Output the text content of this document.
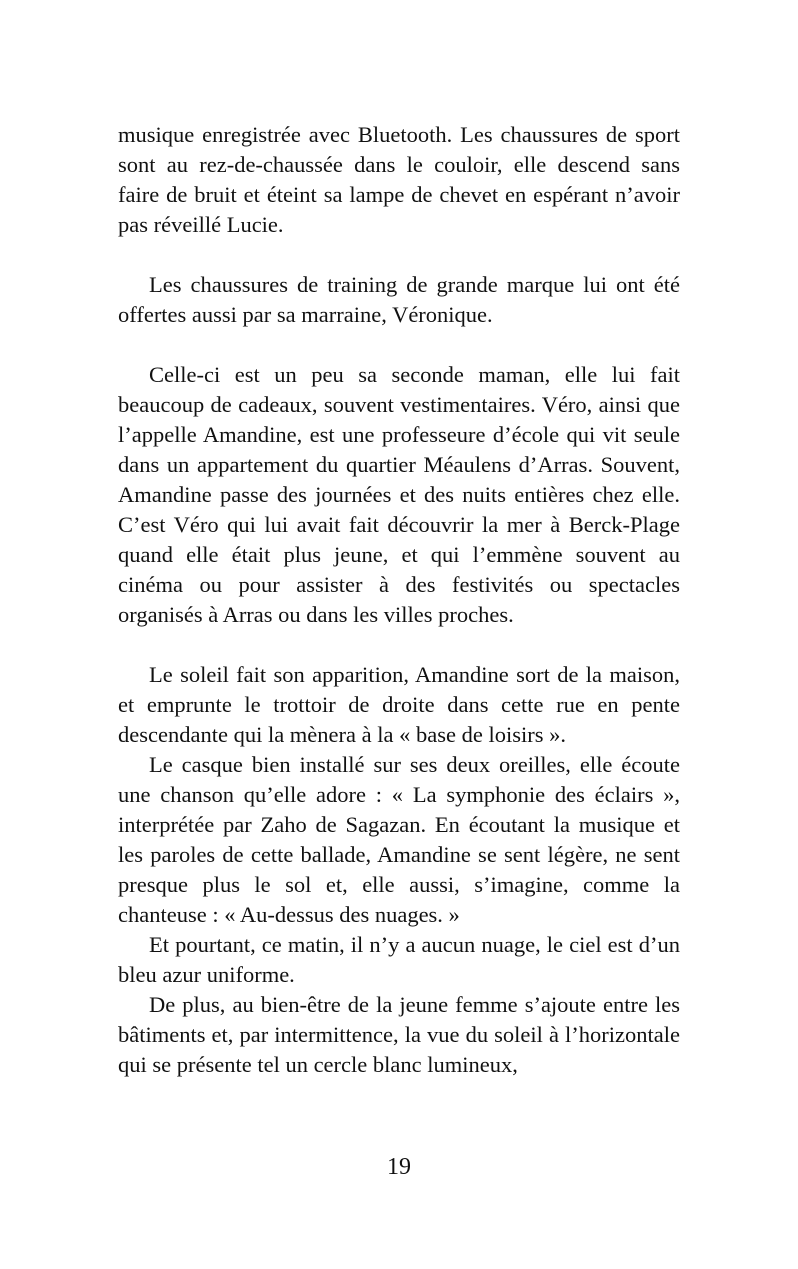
musique enregistrée avec Bluetooth. Les chaussures de sport sont au rez-de-chaussée dans le couloir, elle descend sans faire de bruit et éteint sa lampe de chevet en espérant n’avoir pas réveillé Lucie.

Les chaussures de training de grande marque lui ont été offertes aussi par sa marraine, Véronique.

Celle-ci est un peu sa seconde maman, elle lui fait beaucoup de cadeaux, souvent vestimentaires. Véro, ainsi que l’appelle Amandine, est une professeure d’école qui vit seule dans un appartement du quartier Méaulens d’Arras. Souvent, Amandine passe des journées et des nuits entières chez elle. C’est Véro qui lui avait fait découvrir la mer à Berck-Plage quand elle était plus jeune, et qui l’emmène souvent au cinéma ou pour assister à des festivités ou spectacles organisés à Arras ou dans les villes proches.

Le soleil fait son apparition, Amandine sort de la maison, et emprunte le trottoir de droite dans cette rue en pente descendante qui la mènera à la « base de loisirs ».

Le casque bien installé sur ses deux oreilles, elle écoute une chanson qu’elle adore : « La symphonie des éclairs », interprétée par Zaho de Sagazan. En écoutant la musique et les paroles de cette ballade, Amandine se sent légère, ne sent presque plus le sol et, elle aussi, s’imagine, comme la chanteuse : « Au-dessus des nuages. »

Et pourtant, ce matin, il n’y a aucun nuage, le ciel est d’un bleu azur uniforme.

De plus, au bien-être de la jeune femme s’ajoute entre les bâtiments et, par intermittence, la vue du soleil à l’horizontale qui se présente tel un cercle blanc lumineux,

19
